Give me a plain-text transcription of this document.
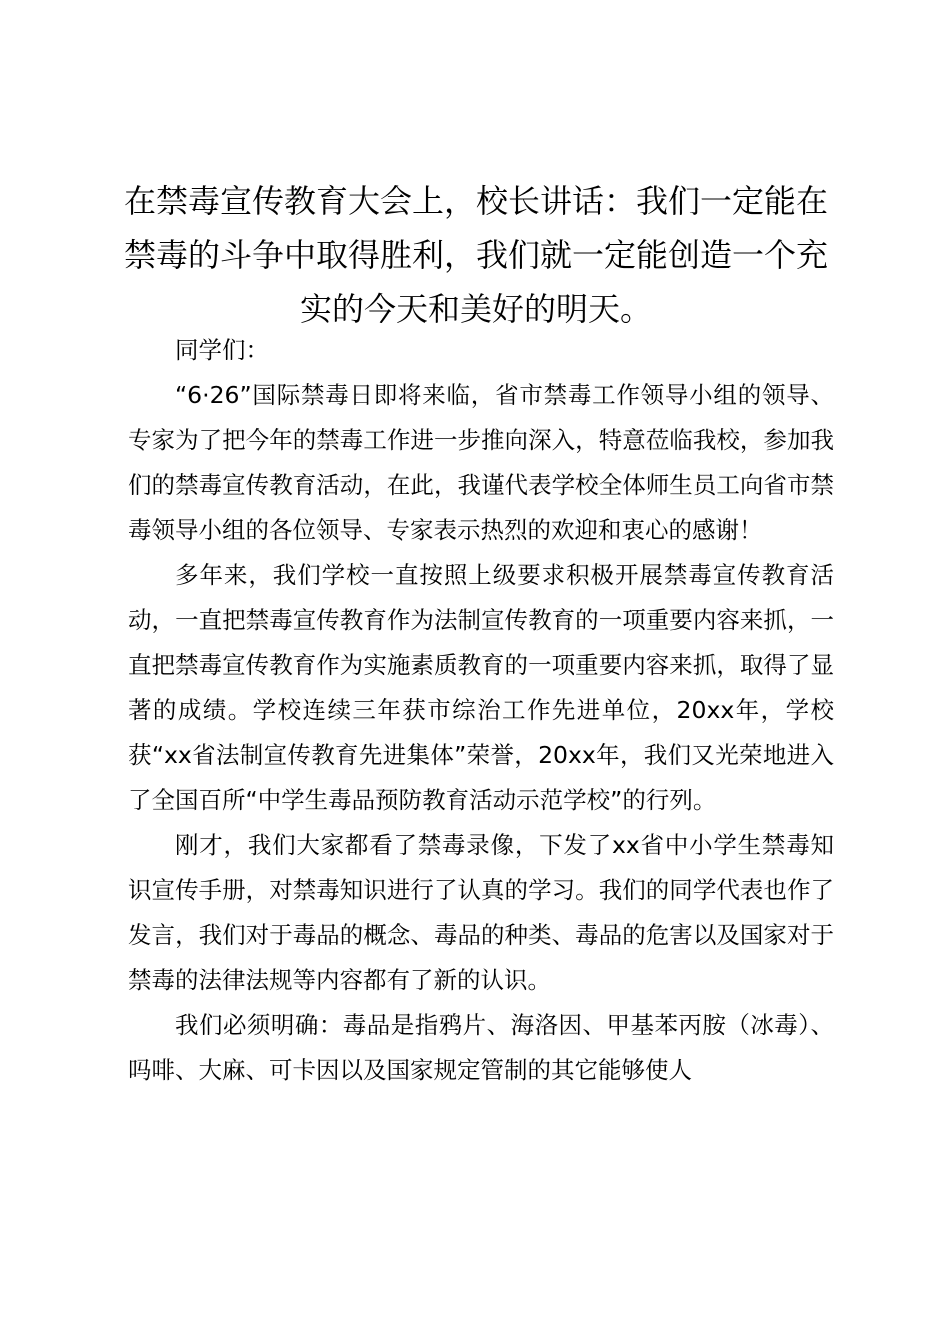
在禁毒宣传教育大会上，校长讲话：我们一定能在禁毒的斗争中取得胜利，我们就一定能创造一个充实的今天和美好的明天。

同学们：

“6·26”国际禁毒日即将来临，省市禁毒工作领导小组的领导、专家为了把今年的禁毒工作进一步推向深入，特意莅临我校，参加我们的禁毒宣传教育活动，在此，我谨代表学校全体师生员工向省市禁毒领导小组的各位领导、专家表示热烈的欢迎和衷心的感谢！

多年来，我们学校一直按照上级要求积极开展禁毒宣传教育活动，一直把禁毒宣传教育作为法制宣传教育的一项重要内容来抓，一直把禁毒宣传教育作为实施素质教育的一项重要内容来抓，取得了显著的成绩。学校连续三年获市综治工作先进单位，20xx年，学校获“xx省法制宣传教育先进集体”荣誉，20xx年，我们又光荣地进入了全国百所“中学生毒品预防教育活动示范学校”的行列。

刚才，我们大家都看了禁毒录像，下发了xx省中小学生禁毒知识宣传手册，对禁毒知识进行了认真的学习。我们的同学代表也作了发言，我们对于毒品的概念、毒品的种类、毒品的危害以及国家对于禁毒的法律法规等内容都有了新的认识。

我们必须明确：毒品是指鸦片、海洛因、甲基苯丙胺（冰毒）、吗啡、大麻、可卡因以及国家规定管制的其它能够使人
